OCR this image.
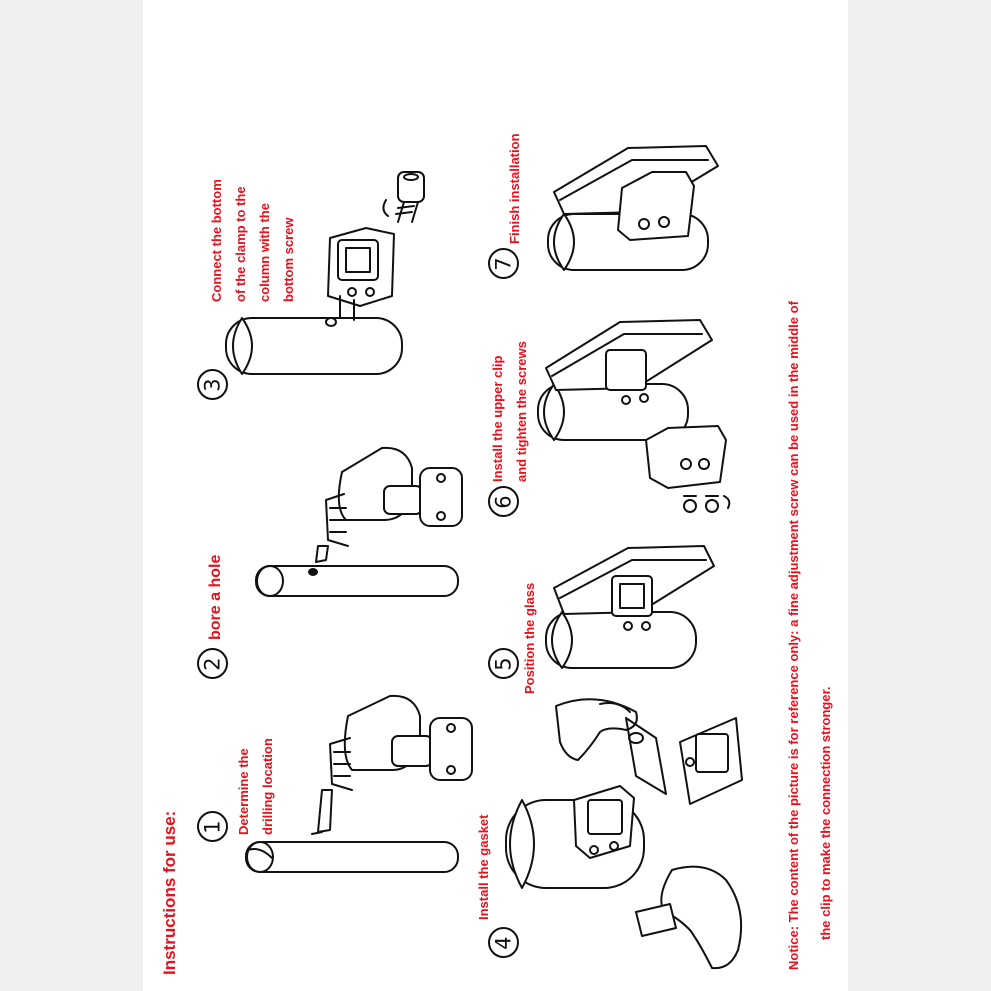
Instructions for use: 1
2
3
4
5
6
7
Determine the drilling location
bore a hole
Connect the bottom of the clamp to the column with the bottom screw
Install the gasket
Position the glass
Install the upper clip and tighten the screws
Finish installation
Notice: The content of the picture is for reference only: a fine adjustment screw can be used in the middle of	the clip to make the connection stronger.
